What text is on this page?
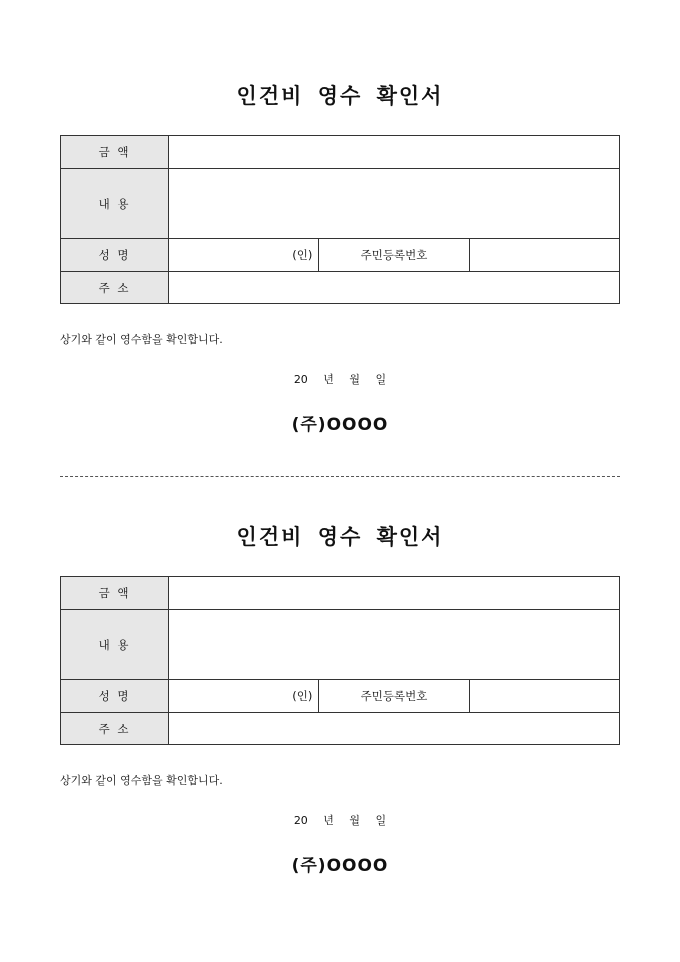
인건비 영수 확인서
금 액			
내 용			
성 명	(인)	주민등록번호	
주 소			
상기와 같이 영수함을 확인합니다.
20 년 월 일
(주)OOOO
인건비 영수 확인서
금 액			
내 용			
성 명	(인)	주민등록번호	
주 소			
상기와 같이 영수함을 확인합니다.
20 년 월 일
(주)OOOO
